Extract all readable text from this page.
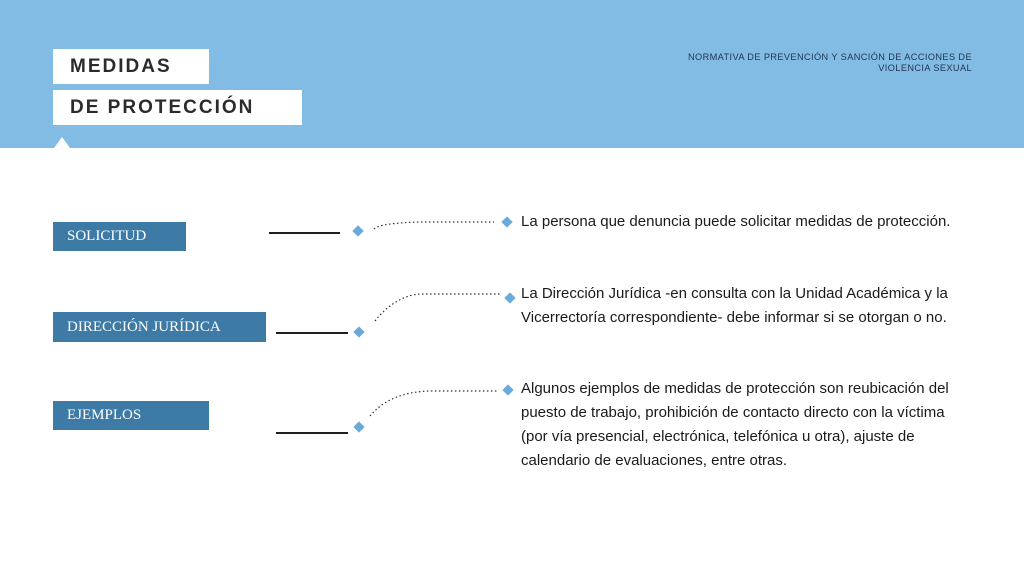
MEDIDAS
DE PROTECCIÓN
NORMATIVA DE PREVENCIÓN Y SANCIÓN DE ACCIONES DE VIOLENCIA SEXUAL
SOLICITUD
DIRECCIÓN JURÍDICA
EJEMPLOS
La persona que denuncia puede solicitar medidas de protección.
La Dirección Jurídica -en consulta con la Unidad Académica y la Vicerrectoría correspondiente- debe informar si se otorgan o no.
Algunos ejemplos de medidas de protección son reubicación del puesto de trabajo, prohibición de contacto directo con la víctima (por vía presencial, electrónica, telefónica u otra), ajuste de calendario de evaluaciones, entre otras.
